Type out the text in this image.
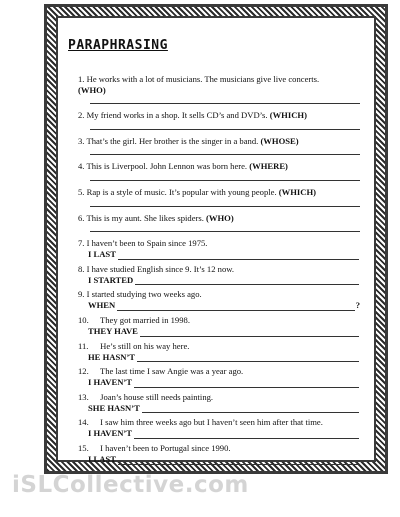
PARAPHRASING

1. He works with a lot of musicians. The musicians give live concerts.
(WHO)

2. My friend works in a shop. It sells CD’s and DVD’s. (WHICH)

3. That’s the girl. Her brother is the singer in a band. (WHOSE)

4. This is Liverpool. John Lennon was born here. (WHERE)

5. Rap is a style of music. It’s popular with young people. (WHICH)

6. This is my aunt. She likes spiders. (WHO)

7. I haven’t been to Spain since 1975.

I LAST

8. I have studied English since 9. It’s 12 now.

I STARTED

9. I started studying two weeks ago.

WHEN	?

10. They got married in 1998.

THEY HAVE

11. He’s still on his way here.

HE HASN’T

12. The last time I saw Angie was a year ago.

I HAVEN’T

13. Joan’s house still needs painting.

SHE HASN’T

14. I saw him three weeks ago but I haven’t seen him after that time.

I HAVEN’T

15. I haven’t been to Portugal since 1990.

I LAST

iSLCollective.com
